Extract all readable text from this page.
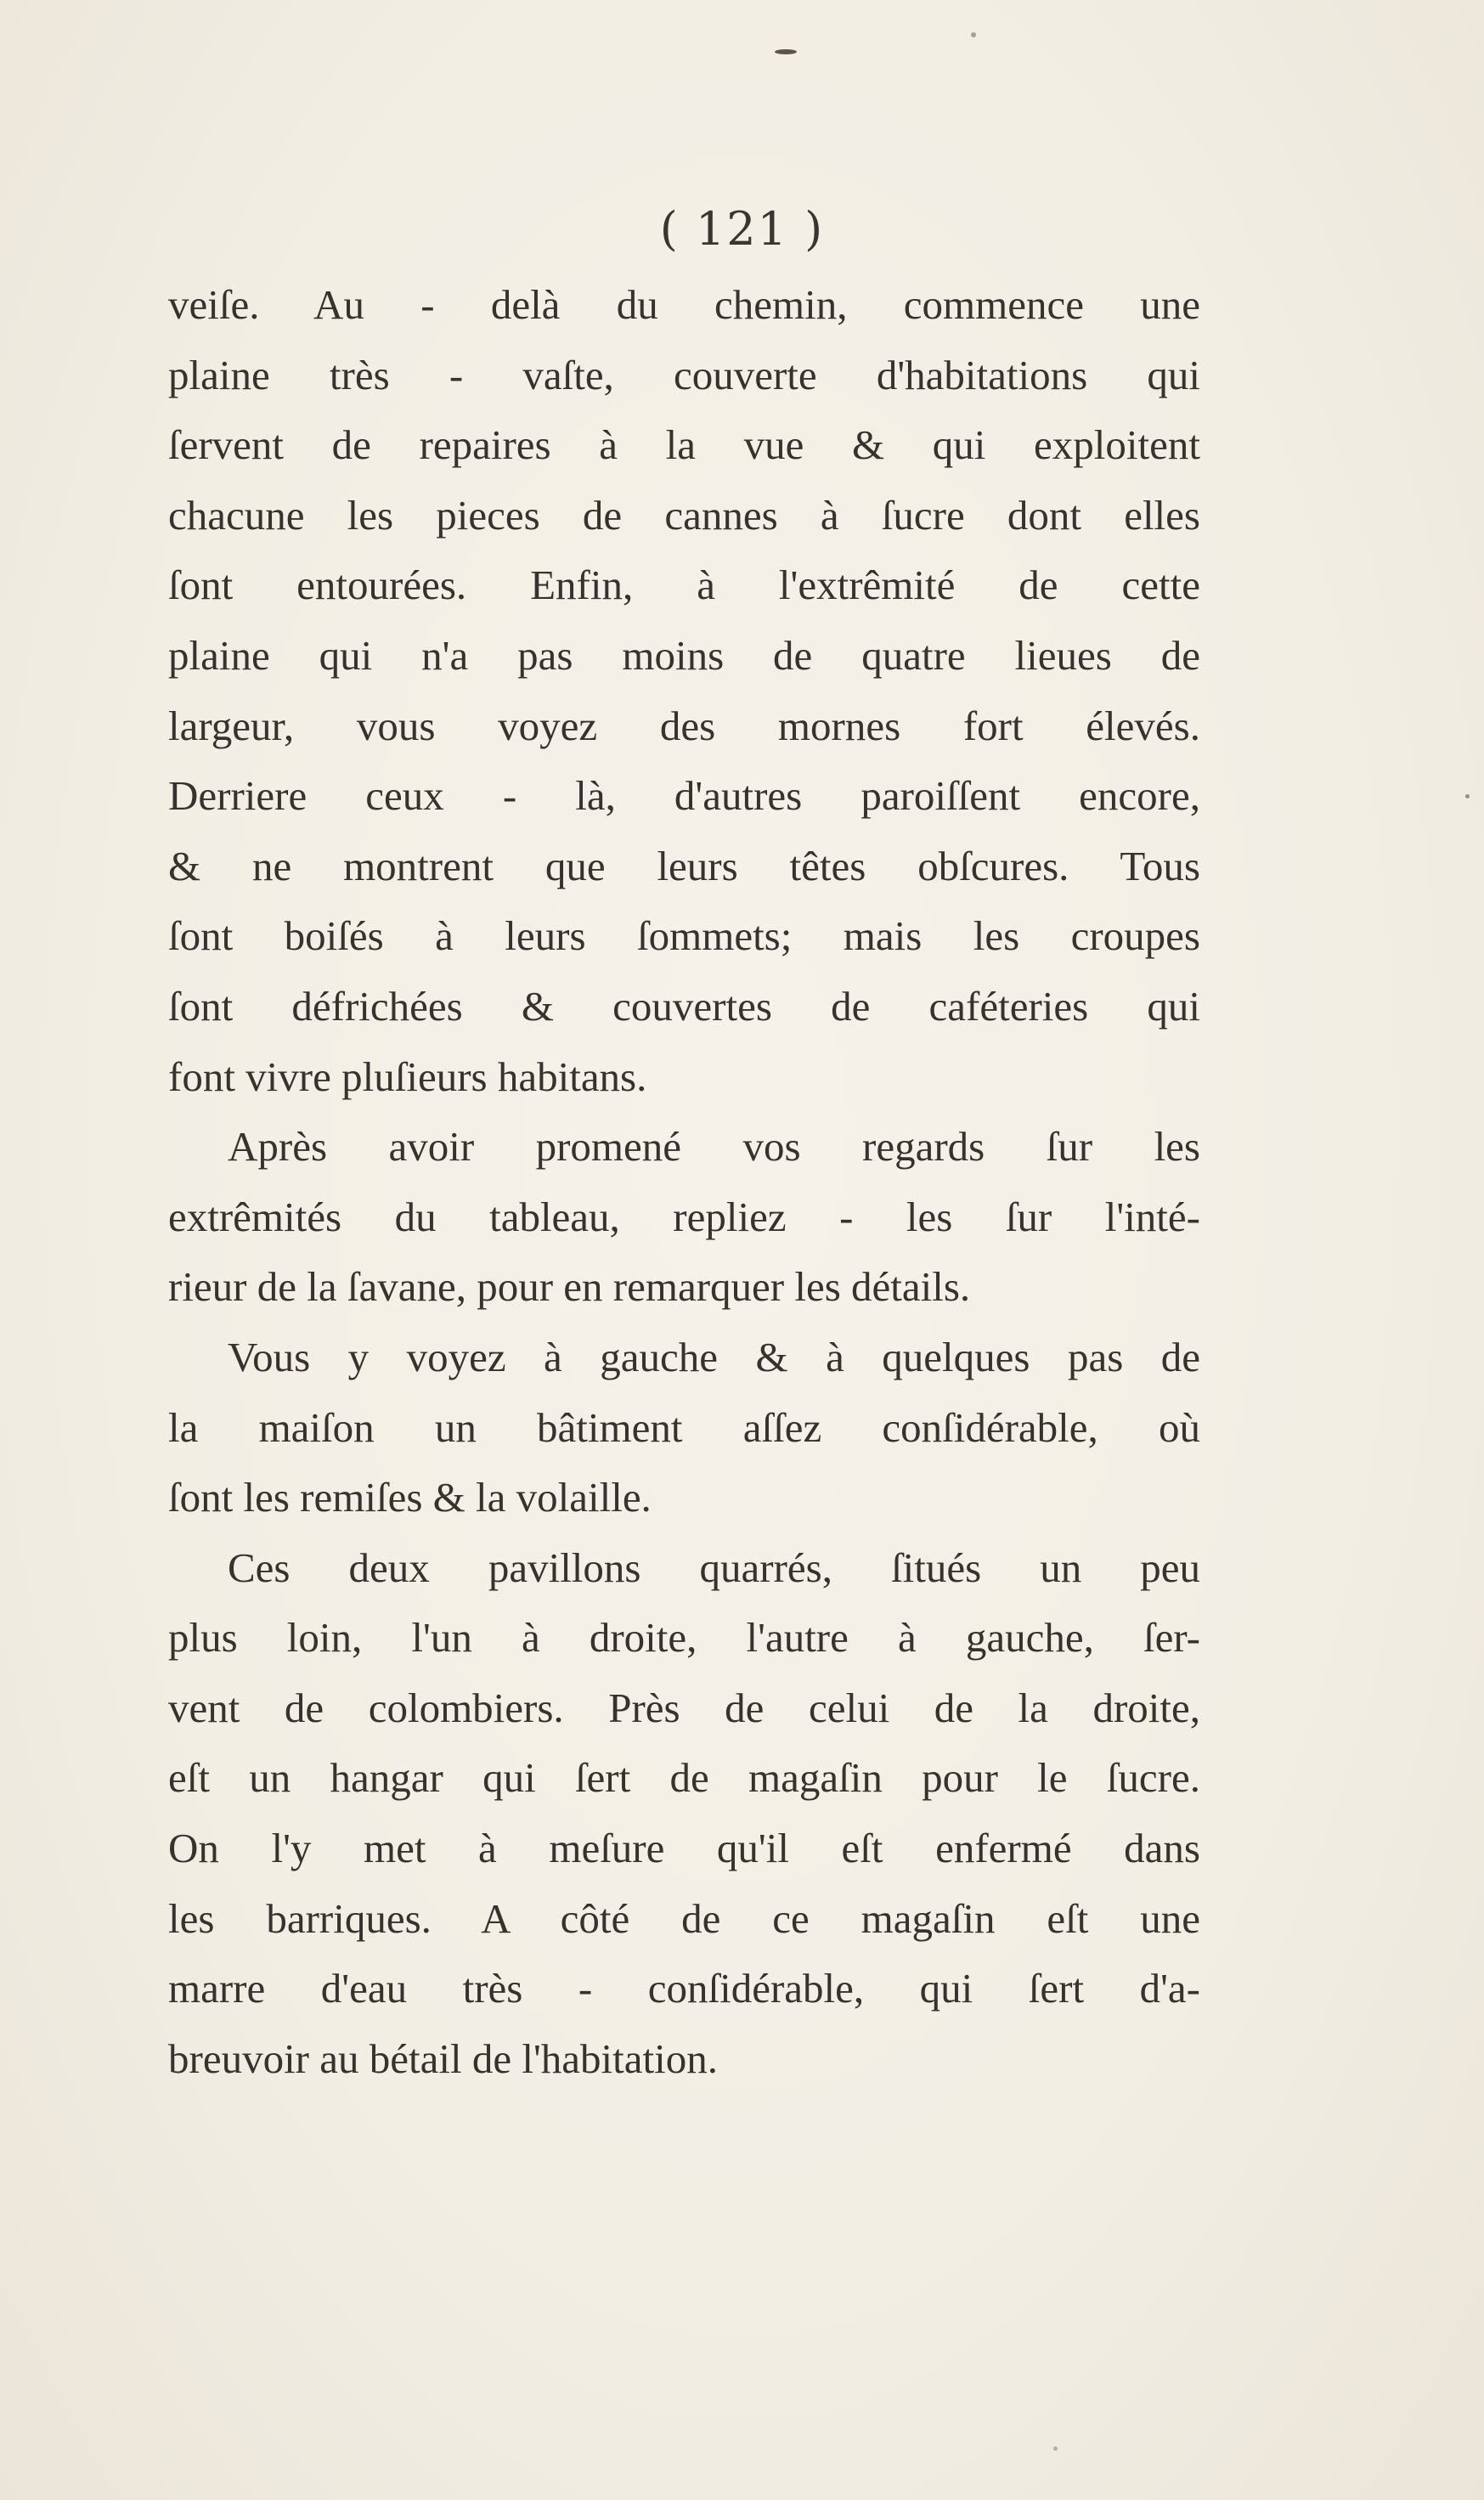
( 121 )
veiſe. Au - delà du chemin, commence une
plaine très - vaſte, couverte d'habitations qui
ſervent de repaires à la vue & qui exploitent
chacune les pieces de cannes à ſucre dont elles
ſont entourées. Enfin, à l'extrêmité de cette
plaine qui n'a pas moins de quatre lieues de
largeur, vous voyez des mornes fort élevés.
Derriere ceux - là, d'autres paroiſſent encore,
& ne montrent que leurs têtes obſcures. Tous
ſont boiſés à leurs ſommets; mais les croupes
ſont défrichées & couvertes de caféteries qui
font vivre pluſieurs habitans.
Après avoir promené vos regards ſur les
extrêmités du tableau, repliez - les ſur l'inté-
rieur de la ſavane, pour en remarquer les détails.
Vous y voyez à gauche & à quelques pas de
la maiſon un bâtiment aſſez conſidérable, où
ſont les remiſes & la volaille.
Ces deux pavillons quarrés, ſitués un peu
plus loin, l'un à droite, l'autre à gauche, ſer-
vent de colombiers. Près de celui de la droite,
eſt un hangar qui ſert de magaſin pour le ſucre.
On l'y met à meſure qu'il eſt enfermé dans
les barriques. A côté de ce magaſin eſt une
marre d'eau très - conſidérable, qui ſert d'a-
breuvoir au bétail de l'habitation.
